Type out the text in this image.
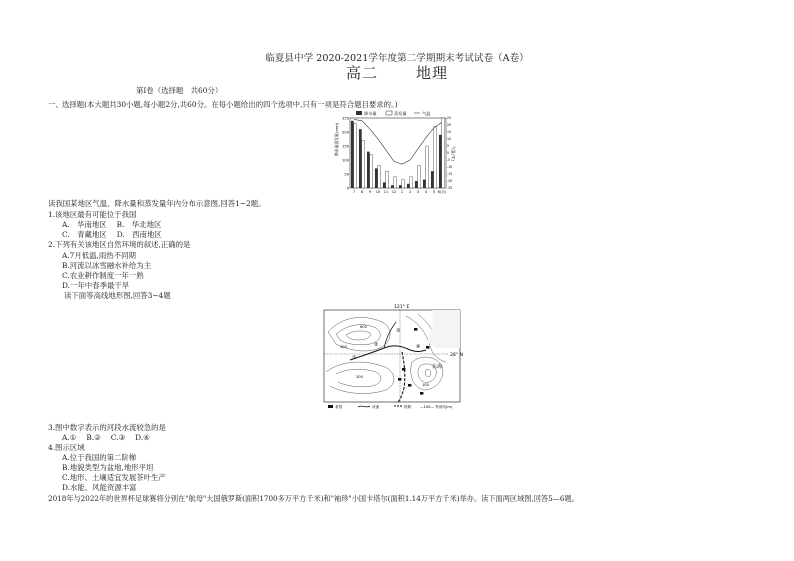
临夏县中学 2020-2021学年度第二学期期末考试试卷（A卷）
高二	地理
第Ⅰ卷（选择题　共60分）
一、 选择题(本大题共30小题,每小题2分,共60分。在每小题给出的四个选项中,只有一项是符合题目要求的。)
降水量	蒸发量	气温
250
200
150
100
50
0
25
20
15
10
5
0
-5
-10
-15
-20
-25
7 8 9 10 11 12 1 2 3 4 5 6(月)
降水量蒸发量(mm)	气温(℃)
读我国某地区气温、降水量和蒸发量年内分布示意图,回答1~2题。
1.该地区最有可能位于我国
A.　华南地区 B.　华北地区
C.　青藏地区 D.　西南地区
2.下列有关该地区自然环境的叙述,正确的是
A.7月低温,雨热不同期
B.河流以冰雪融水补给为主
C.农业耕作制度一年一熟
D.一年中春季最干旱
读下面等高线地形图,回答3~4题
121° E
28° N
东海
①
②
③
④
600
400
200
100
茶园	河流	铁路 —100— 等高线(m)
3.图中数字表示的河段水流较急的是
A.① B.② C.③ D.④
4.图示区域
A.位于我国的第二阶梯
B.地貌类型为盆地,地形平坦
C.地形、土壤适宜发展茶叶生产
D.水能、风能资源丰富
2018年与2022年的世界杯足球赛将分别在"航母"大国俄罗斯(面积1700多万平方千米)和"袖珍"小国卡塔尔(面积1.14万平方千米)举办。读下面两区域图,回答5—6题。
